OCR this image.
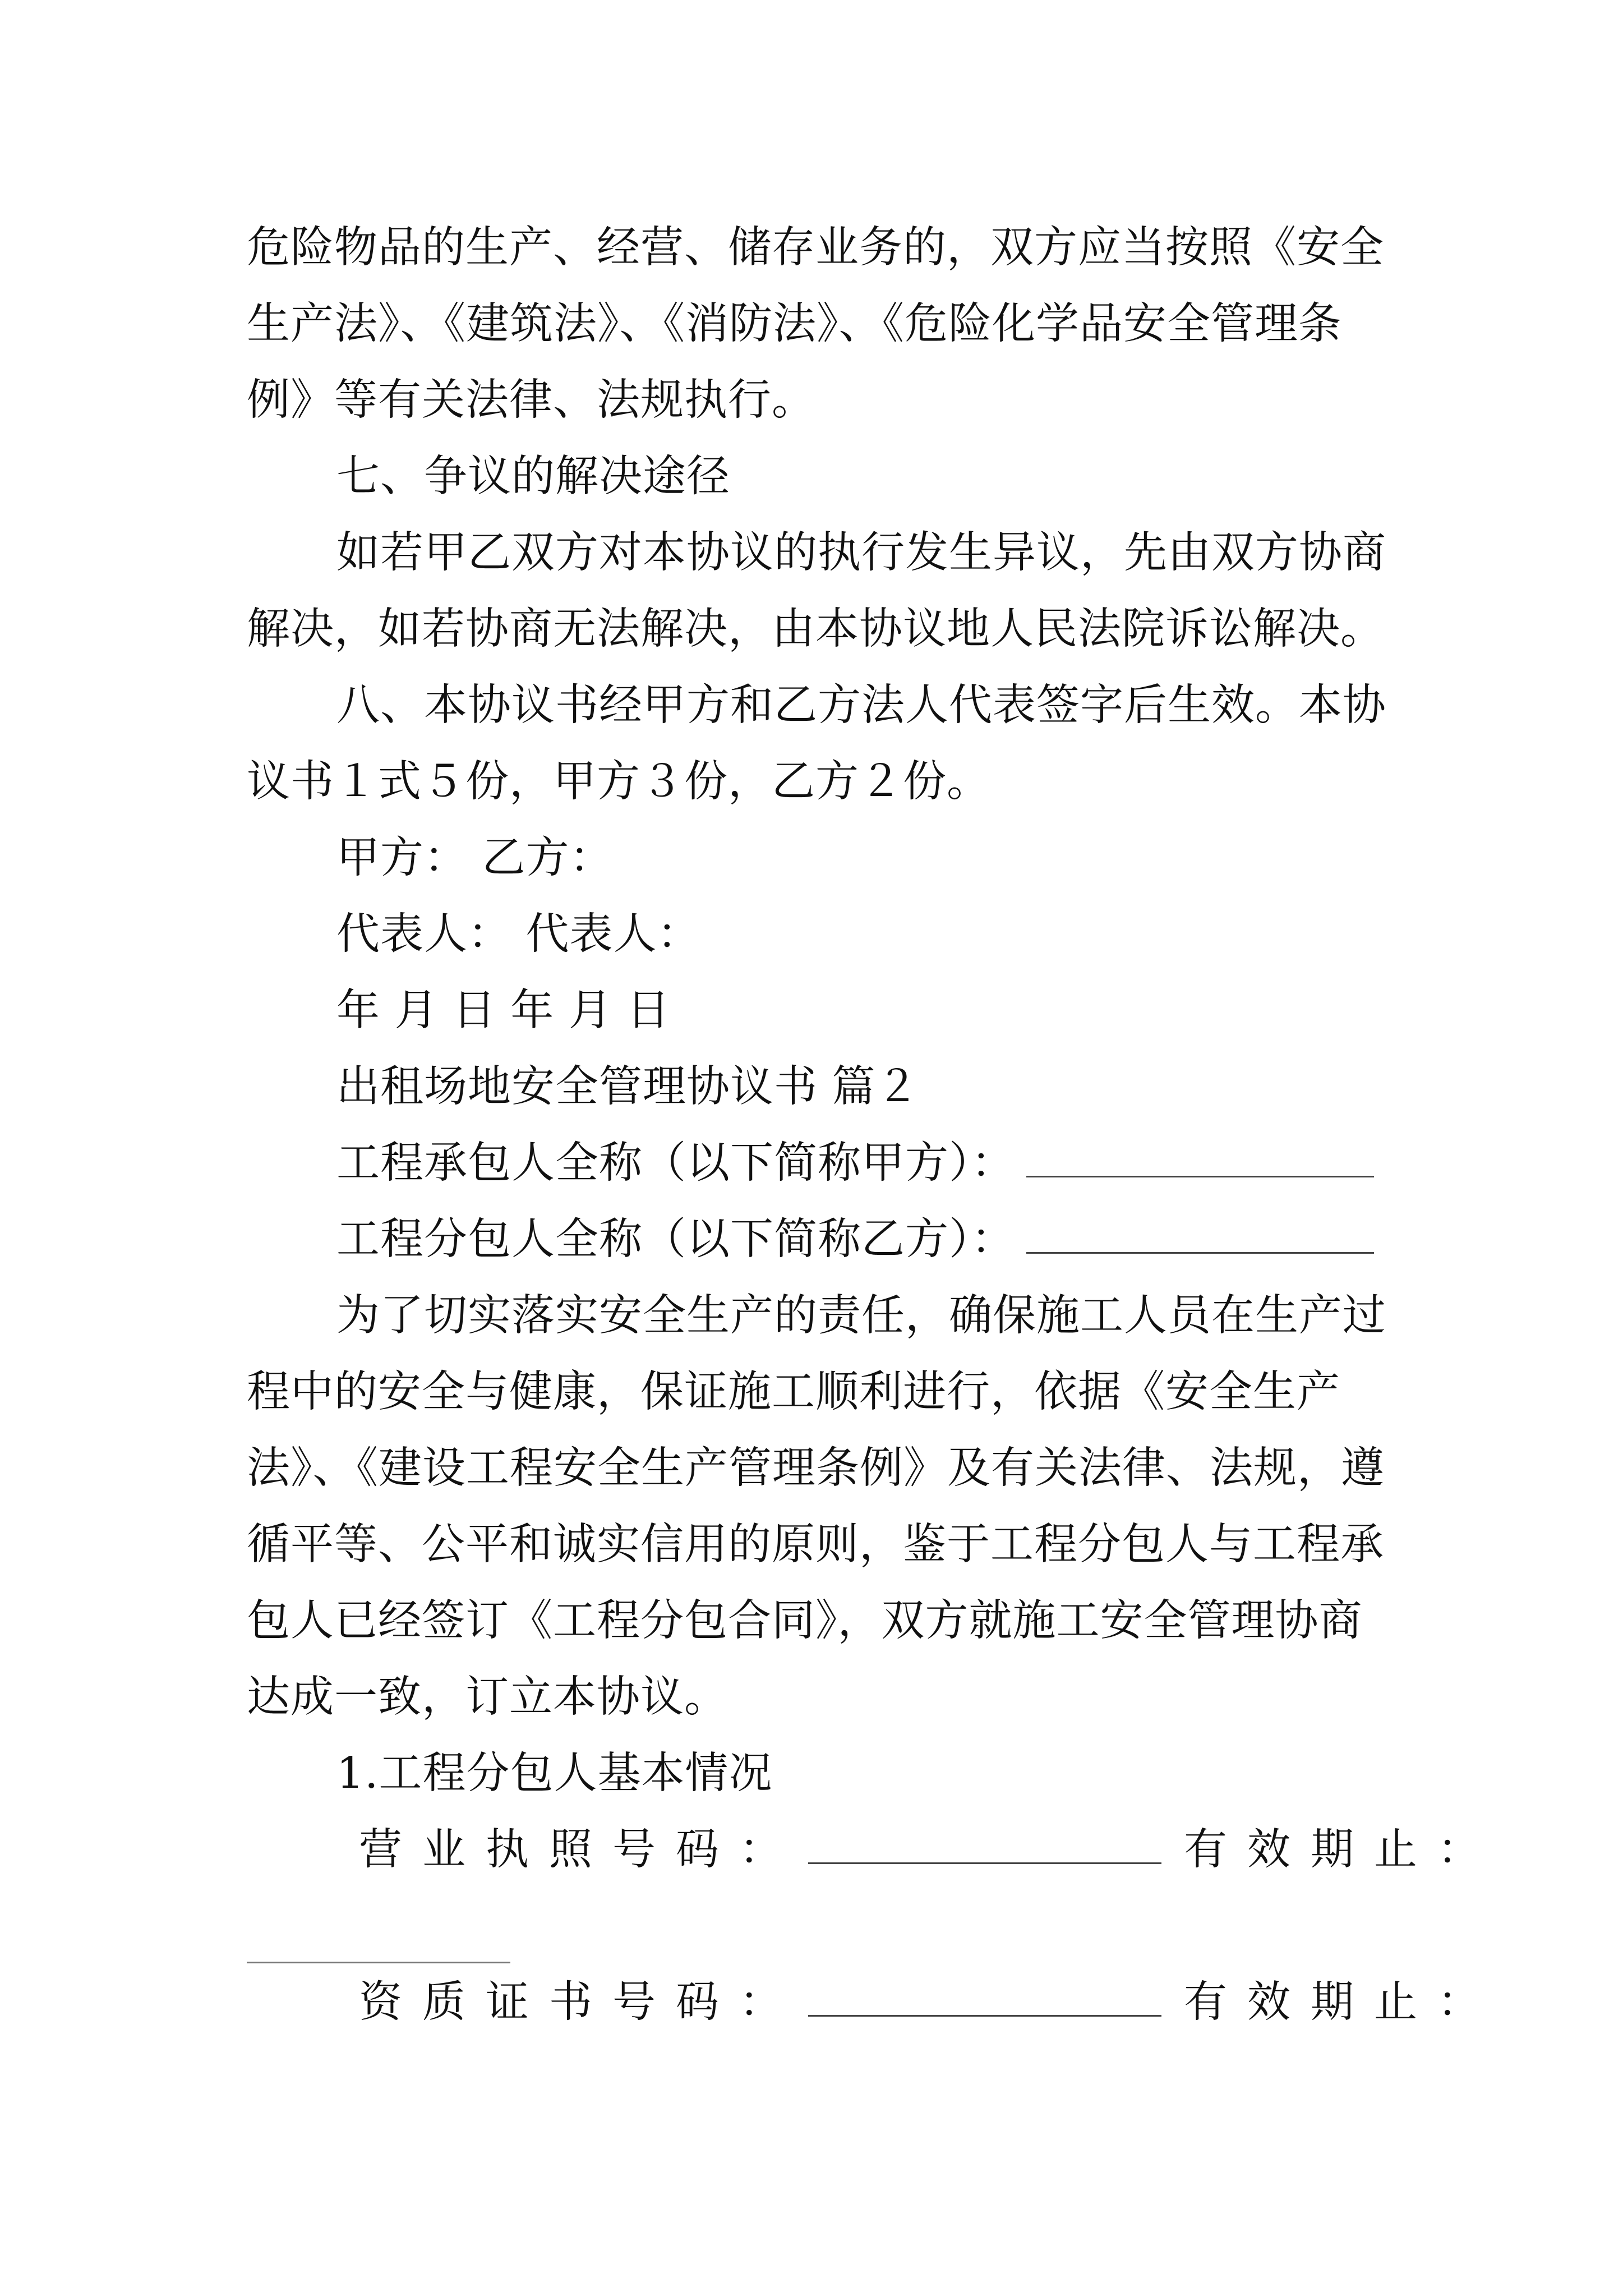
危险物品的生产、经营、储存业务的，双方应当按照《安全
生产法》、《建筑法》、《消防法》、《危险化学品安全管理条
例》等有关法律、法规执行。
七、争议的解决途径
如若甲乙双方对本协议的执行发生异议，先由双方协商
解决，如若协商无法解决，由本协议地人民法院诉讼解决。
八、本协议书经甲方和乙方法人代表签字后生效。本协
议书１式５份，甲方３份，乙方２份。
甲方： 乙方：
代表人： 代表人：
年 月 日 年 月 日
出租场地安全管理协议书 篇２
工程承包人全称（以下简称甲方）：
工程分包人全称（以下简称乙方）：
为了切实落实安全生产的责任，确保施工人员在生产过
程中的安全与健康，保证施工顺利进行，依据《安全生产
法》、《建设工程安全生产管理条例》及有关法律、法规，遵
循平等、公平和诚实信用的原则，鉴于工程分包人与工程承
包人已经签订《工程分包合同》，双方就施工安全管理协商
达成一致，订立本协议。
1.工程分包人基本情况
营业执照号码：	有效期止：
资质证书号码：	有效期止：
